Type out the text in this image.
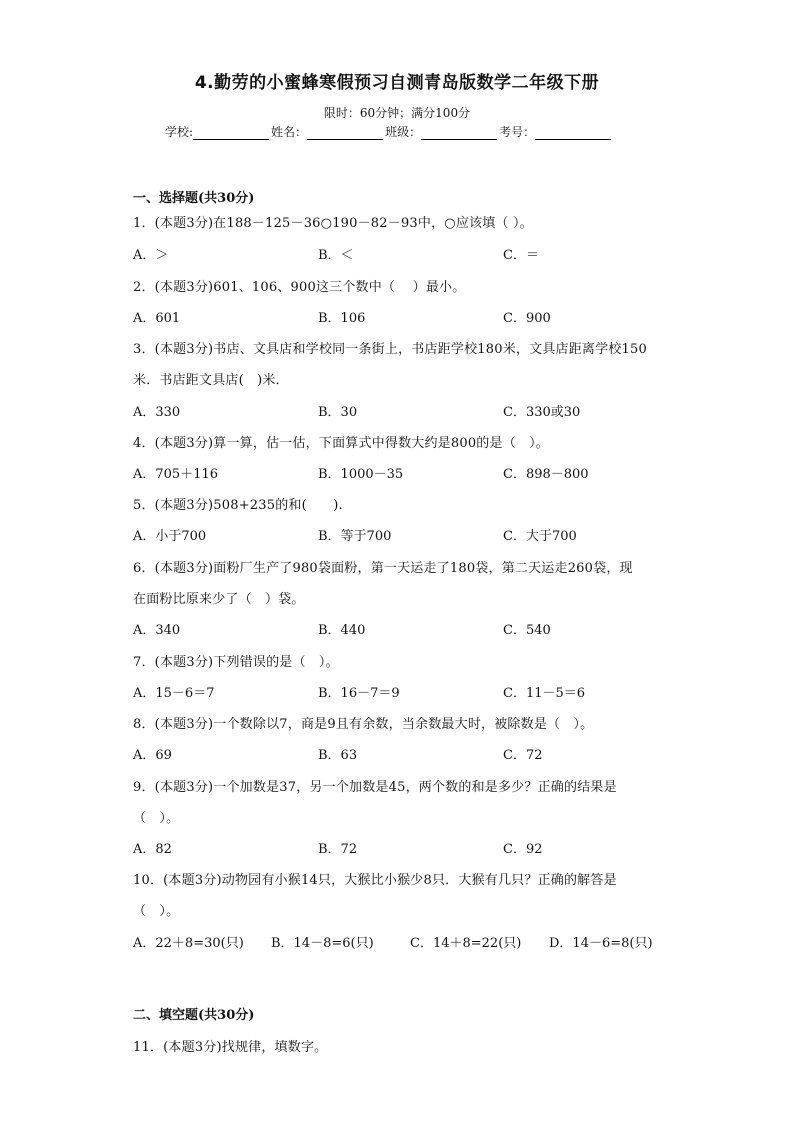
4.勤劳的小蜜蜂寒假预习自测青岛版数学二年级下册
限时：60分钟；满分100分
学校:	姓名：	班级：	考号：
一、选择题(共30分)
1．(本题3分)在188－125－36○190－82－93中，○应该填（ ）。
A．＞	B．＜	C．＝
2．(本题3分)601、106、900这三个数中（　 ）最小。
A．601	B．106	C．900
3．(本题3分)书店、文具店和学校同一条街上，书店距学校180米，文具店距离学校150
米．书店距文具店(　)米．
A．330	B．30	C．330或30
4．(本题3分)算一算，估一估，下面算式中得数大约是800的是（　）。
A．705＋116	B．1000－35	C．898－800
5．(本题3分)508+235的和(　　).
A．小于700	B．等于700	C．大于700
6．(本题3分)面粉厂生产了980袋面粉，第一天运走了180袋，第二天运走260袋，现
在面粉比原来少了（　）袋。
A．340	B．440	C．540
7．(本题3分)下列错误的是（　）。
A．15－6＝7	B．16－7＝9	C．11－5＝6
8．(本题3分)一个数除以7，商是9且有余数，当余数最大时，被除数是（　）。
A．69	B．63	C．72
9．(本题3分)一个加数是37，另一个加数是45，两个数的和是多少？正确的结果是
（　）。
A．82	B．72	C．92
10．(本题3分)动物园有小猴14只，大猴比小猴少8只．大猴有几只？正确的解答是
（　）。
A．22＋8=30(只) B．14－8=6(只)	C．14＋8=22(只) D．14－6=8(只)
二、填空题(共30分)
11．(本题3分)找规律，填数字。
